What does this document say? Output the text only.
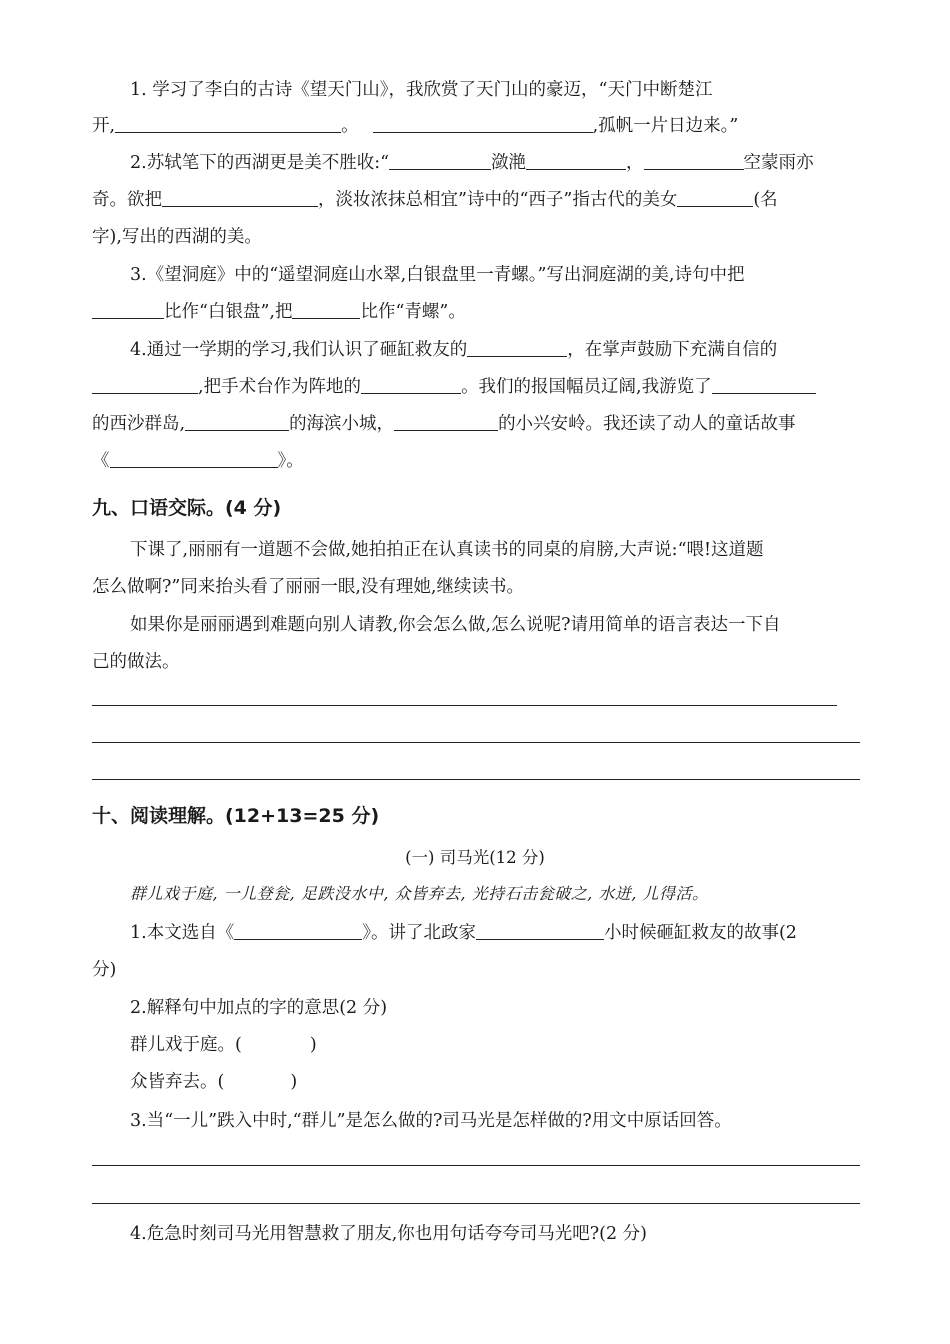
1. 学习了李白的古诗《望天门山》，我欣赏了天门山的豪迈，“天门中断楚江
开,	。	,孤帆一片日边来。”
2.苏轼笔下的西湖更是美不胜收:“	潋滟	，	空蒙雨亦
奇。欲把	，淡妆浓抹总相宜”诗中的“西子”指古代的美女	(名
字),写出的西湖的美。
3.《望洞庭》中的“遥望洞庭山水翠,白银盘里一青螺。”写出洞庭湖的美,诗句中把
比作“白银盘”,把	比作“青螺”。
4.通过一学期的学习,我们认识了砸缸救友的	，在掌声鼓励下充满自信的
,把手术台作为阵地的	。我们的报国幅员辽阔,我游览了
的西沙群岛,	的海滨小城，	的小兴安岭。我还读了动人的童话故事
《	》。
九、口语交际。(4 分)
下课了,丽丽有一道题不会做,她拍拍正在认真读书的同桌的肩膀,大声说:“喂!这道题
怎么做啊?”同来抬头看了丽丽一眼,没有理她,继续读书。
如果你是丽丽遇到难题向别人请教,你会怎么做,怎么说呢?请用简单的语言表达一下自
己的做法。
十、阅读理解。(12+13=25 分)
(一) 司马光(12 分)
群儿戏于庭, 一儿登瓮, 足跌没水中, 众皆弃去, 光持石击瓮破之, 水迸, 儿得活。
1.本文选自《	》。讲了北政家	小时候砸缸救友的故事(2
分)
2.解释句中加点的字的意思(2 分)
群儿戏于庭。(	)
众皆弃去。(	)
3.当“一儿”跌入中时,“群儿”是怎么做的?司马光是怎样做的?用文中原话回答。
4.危急时刻司马光用智慧救了朋友,你也用句话夸夸司马光吧?(2 分)
